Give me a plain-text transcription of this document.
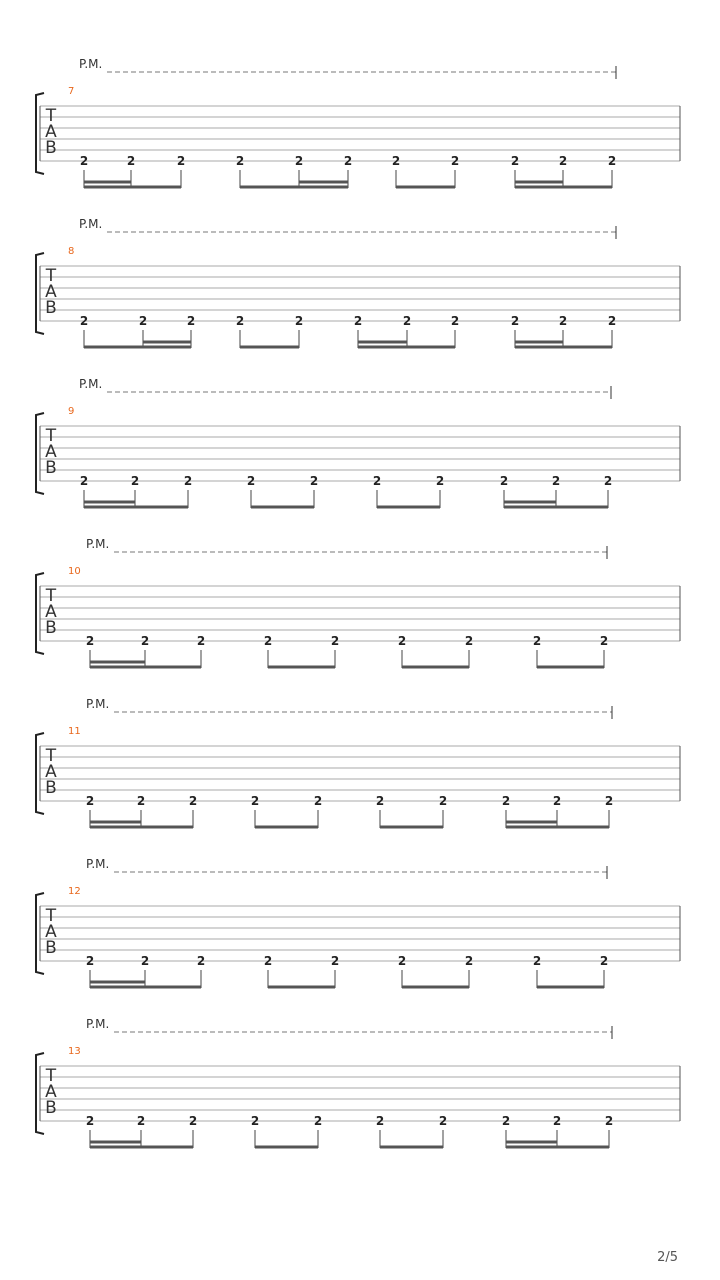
P.M.
7
T
A
B
2	2	2	2	2	2	2	2	2	2	2
P.M.
8
T
A
B
2	2	2	2	2	2	2	2	2	2	2
P.M.
9
T
A
B
2	2	2	2	2	2	2	2	2	2
P.M.
10
T
A
B
2	2	2	2	2	2	2	2	2
P.M.
11
T
A
B
2	2	2	2	2	2	2	2	2	2
P.M.
12
T
A
B
2	2	2	2	2	2	2	2	2
P.M.
13
T
A
B
2	2	2	2	2	2	2	2	2	2
2/5
